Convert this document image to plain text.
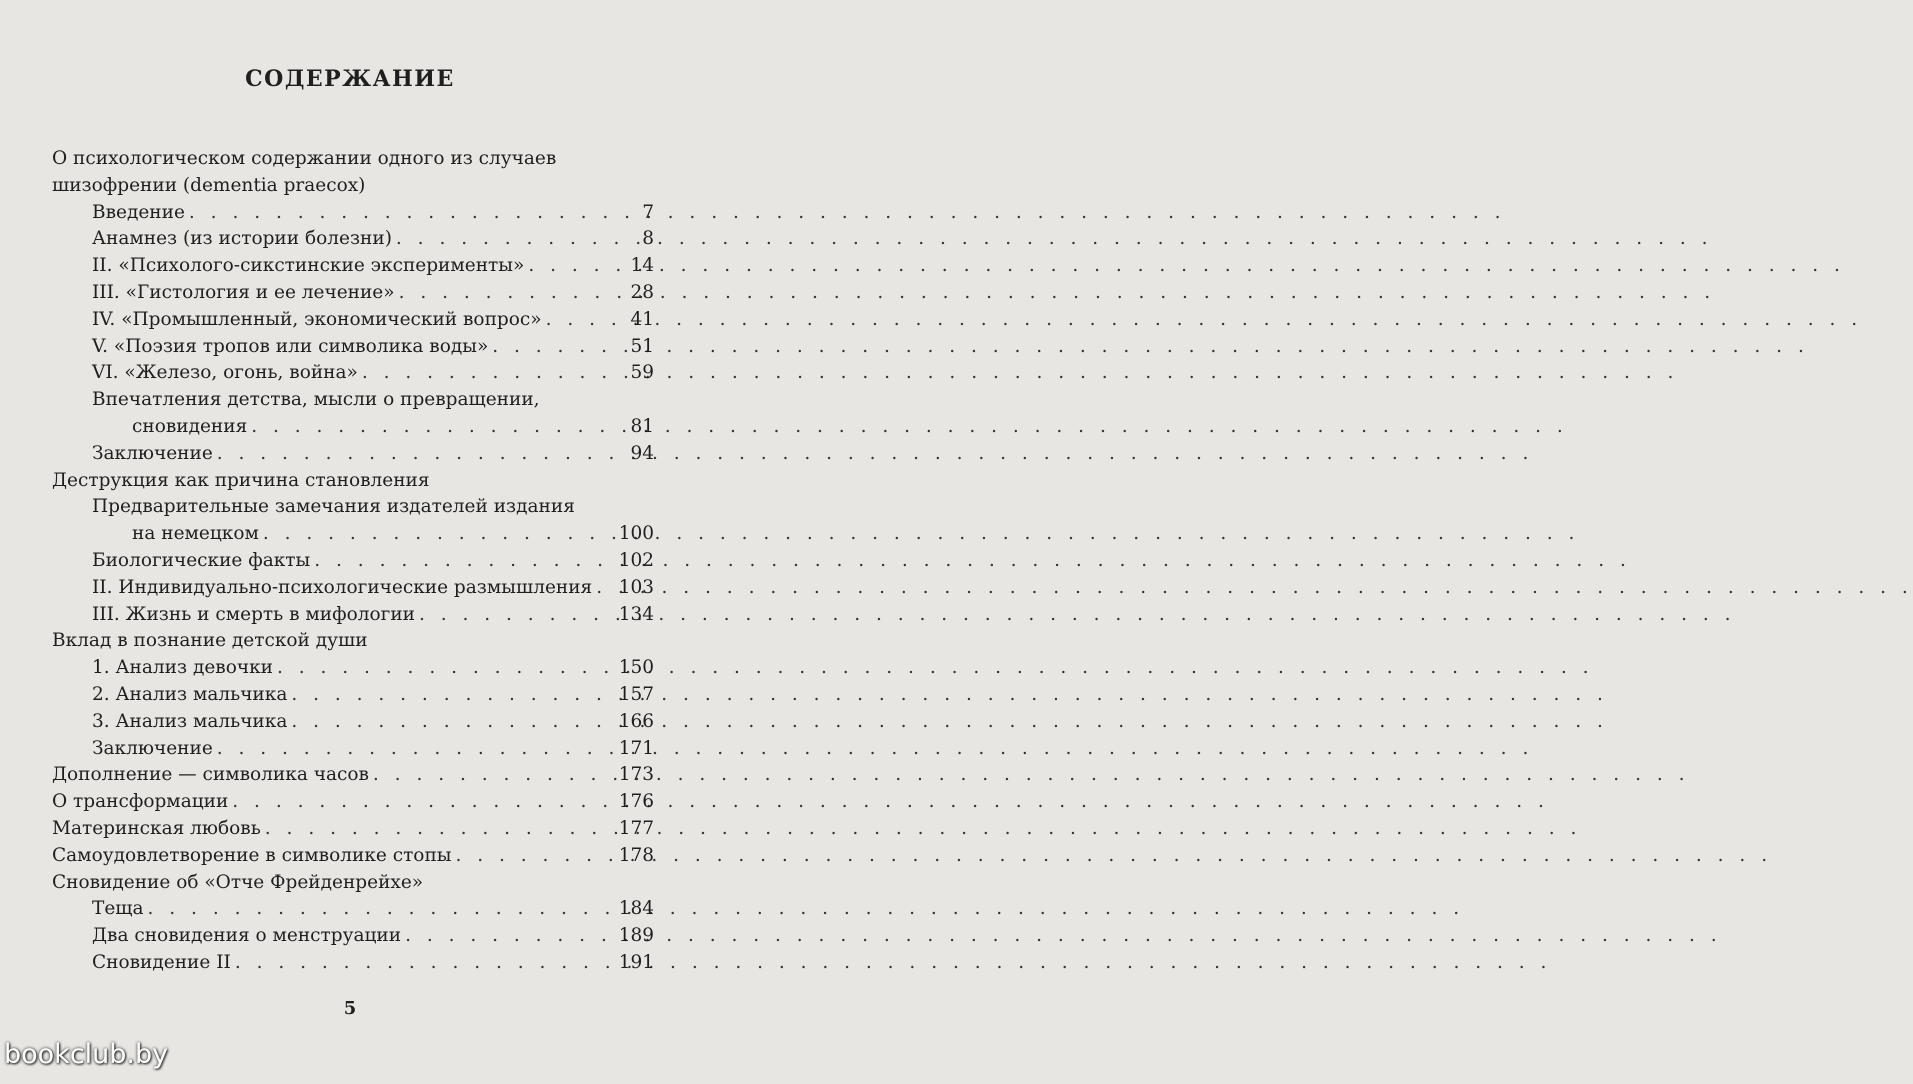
СОДЕРЖАНИЕ
О психологическом содержании одного из случаев
шизофрении (dementia praecox)
Введение . . .	7
Анамнез (из истории болезни) . . .	8
II. «Психолого-сикстинские эксперименты» . . .	14
III. «Гистология и ее лечение» . . .	28
IV. «Промышленный, экономический вопрос» . . .	41
V. «Поэзия тропов или символика воды» . . .	51
VI. «Железо, огонь, война» . . .	59
Впечатления детства, мысли о превращении,
сновидения . . .	81
Заключение . . .	94
Деструкция как причина становления
Предварительные замечания издателей издания
на немецком . . .	100
Биологические факты . . .	102
II. Индивидуально-психологические размышления . . . 103
III. Жизнь и смерть в мифологии . . .	134
Вклад в познание детской души
1. Анализ девочки . . .	150
2. Анализ мальчика . . .	157
3. Анализ мальчика . . .	166
Заключение . . .	171
Дополнение — символика часов . . .	173
О трансформации . . .	176
Материнская любовь . . .	177
Самоудовлетворение в символике стопы . . .	178
Сновидение об «Отче Фрейденрейхе»
Теща . . .	184
Два сновидения о менструации . . .	189
Сновидение II . . .	191
5
bookclub.by
